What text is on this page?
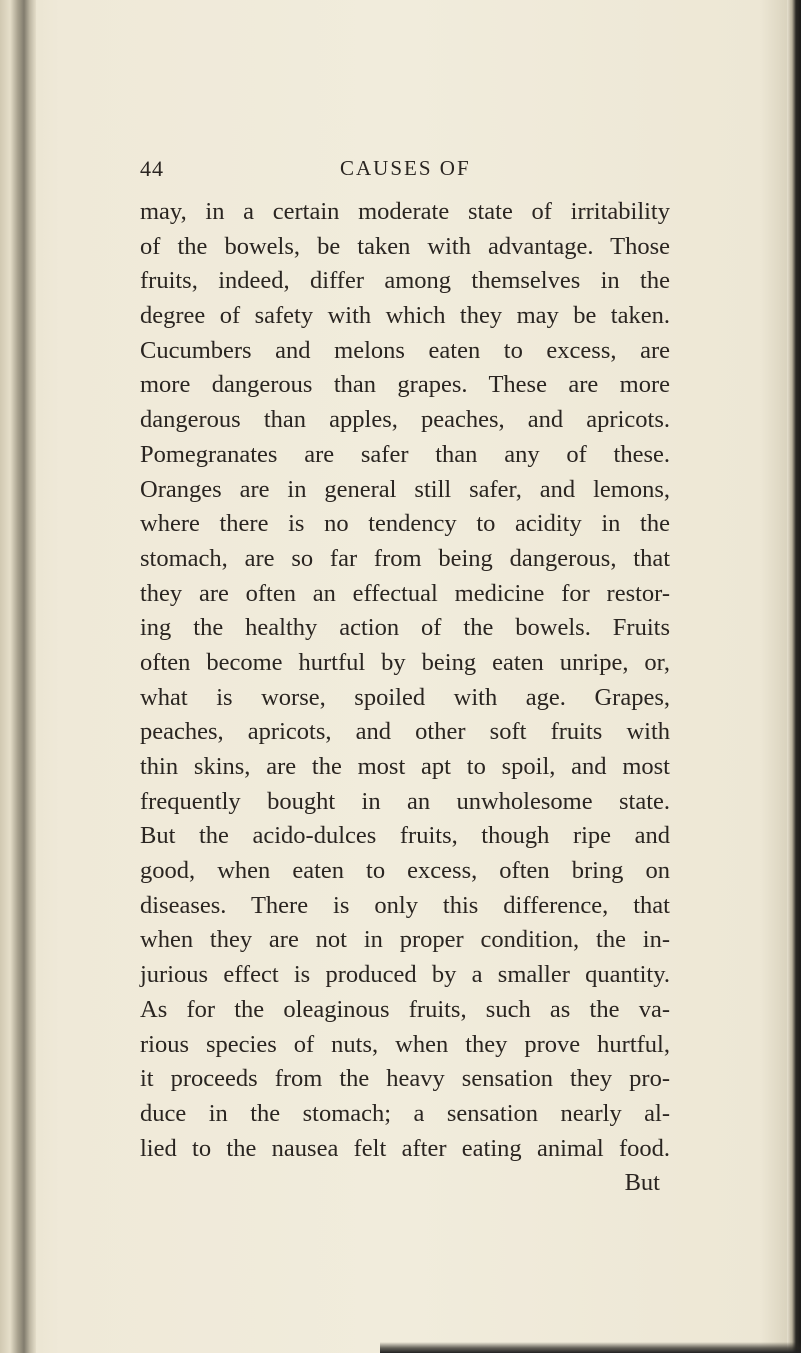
44	CAUSES OF
may, in a certain moderate state of irritability
of the bowels, be taken with advantage. Those
fruits, indeed, differ among themselves in the
degree of safety with which they may be taken.
Cucumbers and melons eaten to excess, are
more dangerous than grapes. These are more
dangerous than apples, peaches, and apricots.
Pomegranates are safer than any of these.
Oranges are in general still safer, and lemons,
where there is no tendency to acidity in the
stomach, are so far from being dangerous, that
they are often an effectual medicine for restor-
ing the healthy action of the bowels. Fruits
often become hurtful by being eaten unripe, or,
what is worse, spoiled with age. Grapes,
peaches, apricots, and other soft fruits with
thin skins, are the most apt to spoil, and most
frequently bought in an unwholesome state.
But the acido-dulces fruits, though ripe and
good, when eaten to excess, often bring on
diseases. There is only this difference, that
when they are not in proper condition, the in-
jurious effect is produced by a smaller quantity.
As for the oleaginous fruits, such as the va-
rious species of nuts, when they prove hurtful,
it proceeds from the heavy sensation they pro-
duce in the stomach; a sensation nearly al-
lied to the nausea felt after eating animal food.
But
